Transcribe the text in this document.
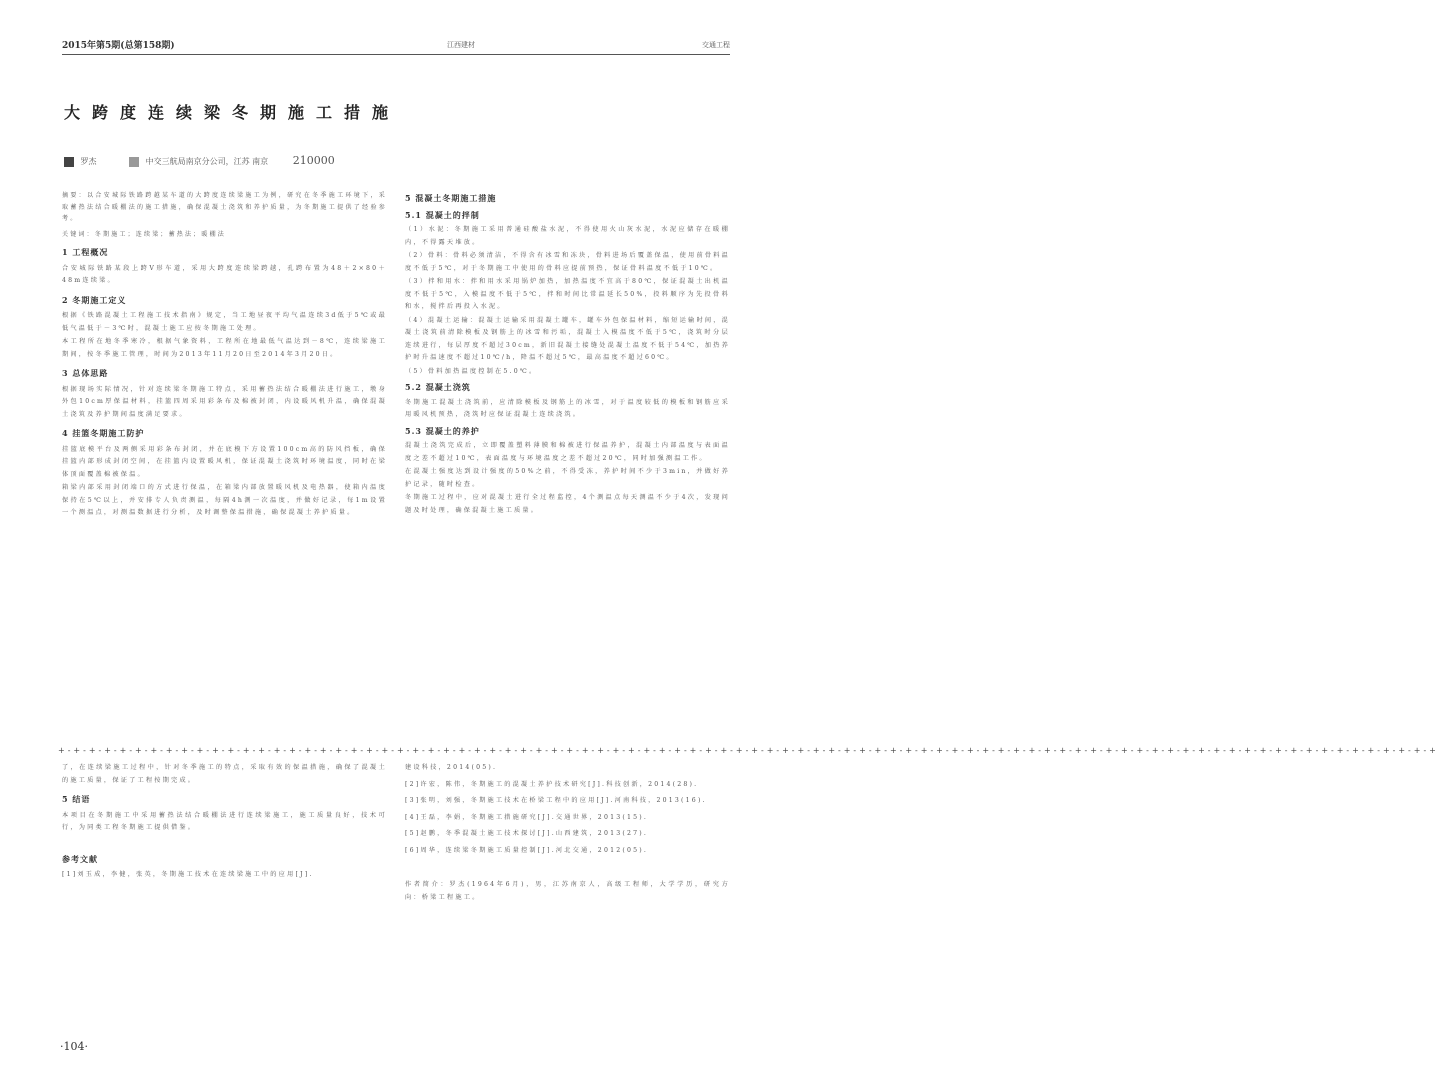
2015年第5期(总第158期)	江西建材	交通工程
大跨度连续梁冬期施工措施
罗杰	中交三航局南京分公司，江苏 南京 210000

摘要：以合安城际铁路跨越某车道的大跨度连续梁施工为例，研究在冬季施工环境下，采取蓄热法结合暖棚法的施工措施，确保混凝土浇筑和养护质量，为冬期施工提供了经验参考。

关键词：冬期施工；连续梁；蓄热法；暖棚法

1 工程概况

合安城际铁路某段上跨V形车道，采用大跨度连续梁跨越，孔跨布置为48＋2×80＋48m连续梁。

2 冬期施工定义

根据《铁路混凝土工程施工技术指南》规定，当工地昼夜平均气温连续3d低于5℃或最低气温低于－3℃时，混凝土施工应按冬期施工处理。

本工程所在地冬季寒冷，根据气象资料，工程所在地最低气温达到－8℃，连续梁施工期间，按冬季施工管理，时间为2013年11月20日至2014年3月20日。

3 总体思路

根据现场实际情况，针对连续梁冬期施工特点，采用蓄热法结合暖棚法进行施工，墩身外包10cm厚保温材料，挂篮四周采用彩条布及棉被封闭，内设暖风机升温，确保混凝土浇筑及养护期间温度满足要求。

4 挂篮冬期施工防护

挂篮底模平台及两侧采用彩条布封闭，并在底模下方设置100cm高的防风挡板，确保挂篮内部形成封闭空间，在挂篮内设置暖风机，保证混凝土浇筑时环境温度，同时在梁体顶面覆盖棉被保温。

箱梁内部采用封闭端口的方式进行保温，在箱梁内部放置暖风机及电热器，使箱内温度保持在5℃以上，并安排专人负责测温，每隔4h测一次温度，并做好记录，每1m设置一个测温点，对测温数据进行分析，及时调整保温措施，确保混凝土养护质量。

5 混凝土冬期施工措施
5.1 混凝土的拌制

（1）水泥：冬期施工采用普通硅酸盐水泥，不得使用火山灰水泥，水泥应储存在暖棚内，不得露天堆放。

（2）骨料：骨料必须清洁，不得含有冰雪和冻块，骨料进场后覆盖保温，使用前骨料温度不低于5℃，对于冬期施工中使用的骨料应提前预热，保证骨料温度不低于10℃。

（3）拌和用水：拌和用水采用锅炉加热，加热温度不宜高于80℃，保证混凝土出机温度不低于5℃，入模温度不低于5℃，拌和时间比常温延长50%，投料顺序为先投骨料和水，搅拌后再投入水泥。

（4）混凝土运输：混凝土运输采用混凝土罐车，罐车外包保温材料，缩短运输时间，混凝土浇筑前清除模板及钢筋上的冰雪和污垢，混凝土入模温度不低于5℃，浇筑时分层连续进行，每层厚度不超过30cm，新旧混凝土接缝处混凝土温度不低于54℃，加热养护时升温速度不超过10℃/h，降温不超过5℃，最高温度不超过60℃。

（5）骨料加热温度控制在5.0℃。

5.2 混凝土浇筑

冬期施工混凝土浇筑前，应清除模板及钢筋上的冰雪，对于温度较低的模板和钢筋应采用暖风机预热，浇筑时应保证混凝土连续浇筑。

5.3 混凝土的养护

混凝土浇筑完成后，立即覆盖塑料薄膜和棉被进行保温养护，混凝土内部温度与表面温度之差不超过10℃，表面温度与环境温度之差不超过20℃，同时加强测温工作。

在混凝土强度达到设计强度的50%之前，不得受冻，养护时间不少于3min，并做好养护记录，随时检查。

冬期施工过程中，应对混凝土进行全过程监控，4个测温点每天测温不少于4次，发现问题及时处理，确保混凝土施工质量。

+-+-+-+-+-+-+-+-+-+-+-+-+-+-+-+-+-+-+-+-+-+-+-+-+-+-+-+-+-+-+-+-+-+-+-+-+-+-+-+-+-+-+-+-+-+-+-+-+-+-+-+-+-+-+-+-+-+-+-+-+-+-+-+-+-+-+-+-+-+-+-+-+-+-+-+-+-+-+-+-+-+-+-+-+-+-+-+-+-+

了，在连续梁施工过程中，针对冬季施工的特点，采取有效的保温措施，确保了混凝土的施工质量，保证了工程按期完成。

5 结语

本项目在冬期施工中采用蓄热法结合暖棚法进行连续梁施工，施工质量良好，技术可行，为同类工程冬期施工提供借鉴。

参考文献

[1]刘玉成，李健，张英，冬期施工技术在连续梁施工中的应用[J].

建设科技，2014(05).

[2]许宏，陈伟，冬期施工的混凝土养护技术研究[J].科技创新，2014(28).

[3]张明，刘强，冬期施工技术在桥梁工程中的应用[J].河南科技，2013(16).

[4]王磊，李娟，冬期施工措施研究[J].交通世界，2013(15).

[5]赵鹏，冬季混凝土施工技术探讨[J].山西建筑，2013(27).

[6]周华，连续梁冬期施工质量控制[J].河北交通，2012(05).

作者简介：罗杰(1964年6月)，男，江苏南京人，高级工程师，大学学历，研究方向：桥梁工程施工。

·104·
